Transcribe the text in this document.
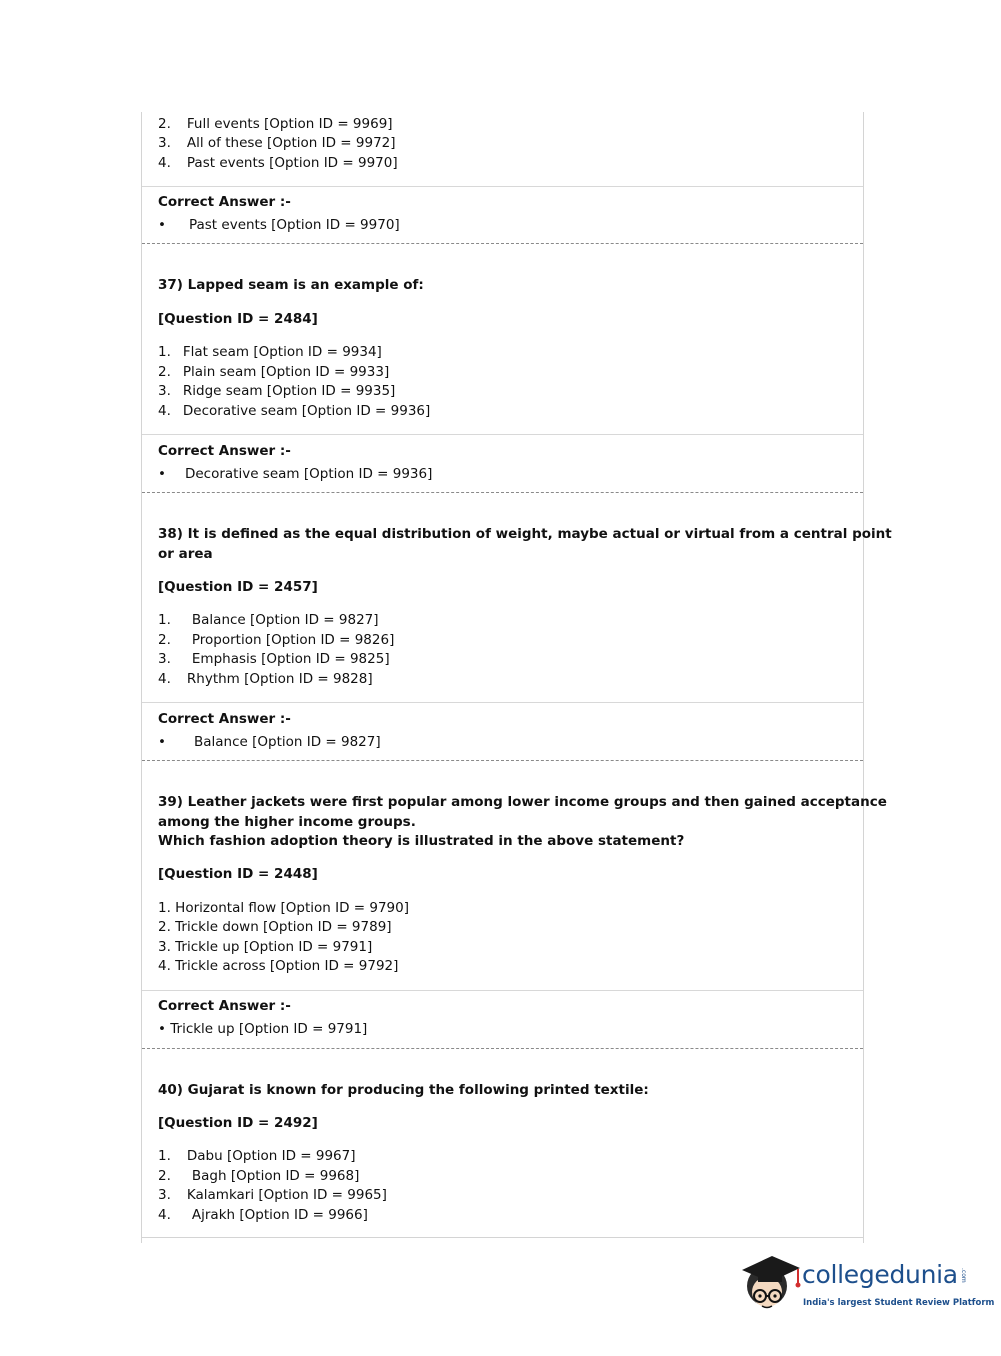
2. Full events [Option ID = 9969]
3. All of these [Option ID = 9972]
4. Past events [Option ID = 9970]
Correct Answer :-
• Past events [Option ID = 9970]
37) Lapped seam is an example of:
[Question ID = 2484]
1. Flat seam [Option ID = 9934]
2. Plain seam [Option ID = 9933]
3. Ridge seam [Option ID = 9935]
4. Decorative seam [Option ID = 9936]
Correct Answer :-
• Decorative seam [Option ID = 9936]
38) It is defined as the equal distribution of weight, maybe actual or virtual from a central point
or area
[Question ID = 2457]
1. Balance [Option ID = 9827]
2. Proportion [Option ID = 9826]
3. Emphasis [Option ID = 9825]
4. Rhythm [Option ID = 9828]
Correct Answer :-
• Balance [Option ID = 9827]
39) Leather jackets were first popular among lower income groups and then gained acceptance
among the higher income groups.
Which fashion adoption theory is illustrated in the above statement?
[Question ID = 2448]
1. Horizontal flow [Option ID = 9790]
2. Trickle down [Option ID = 9789]
3. Trickle up [Option ID = 9791]
4. Trickle across [Option ID = 9792]
Correct Answer :-
• Trickle up [Option ID = 9791]
40) Gujarat is known for producing the following printed textile:
[Question ID = 2492]
1. Dabu [Option ID = 9967]
2. Bagh [Option ID = 9968]
3. Kalamkari [Option ID = 9965]
4. Ajrakh [Option ID = 9966]
collegedunia .com
India's largest Student Review Platform
